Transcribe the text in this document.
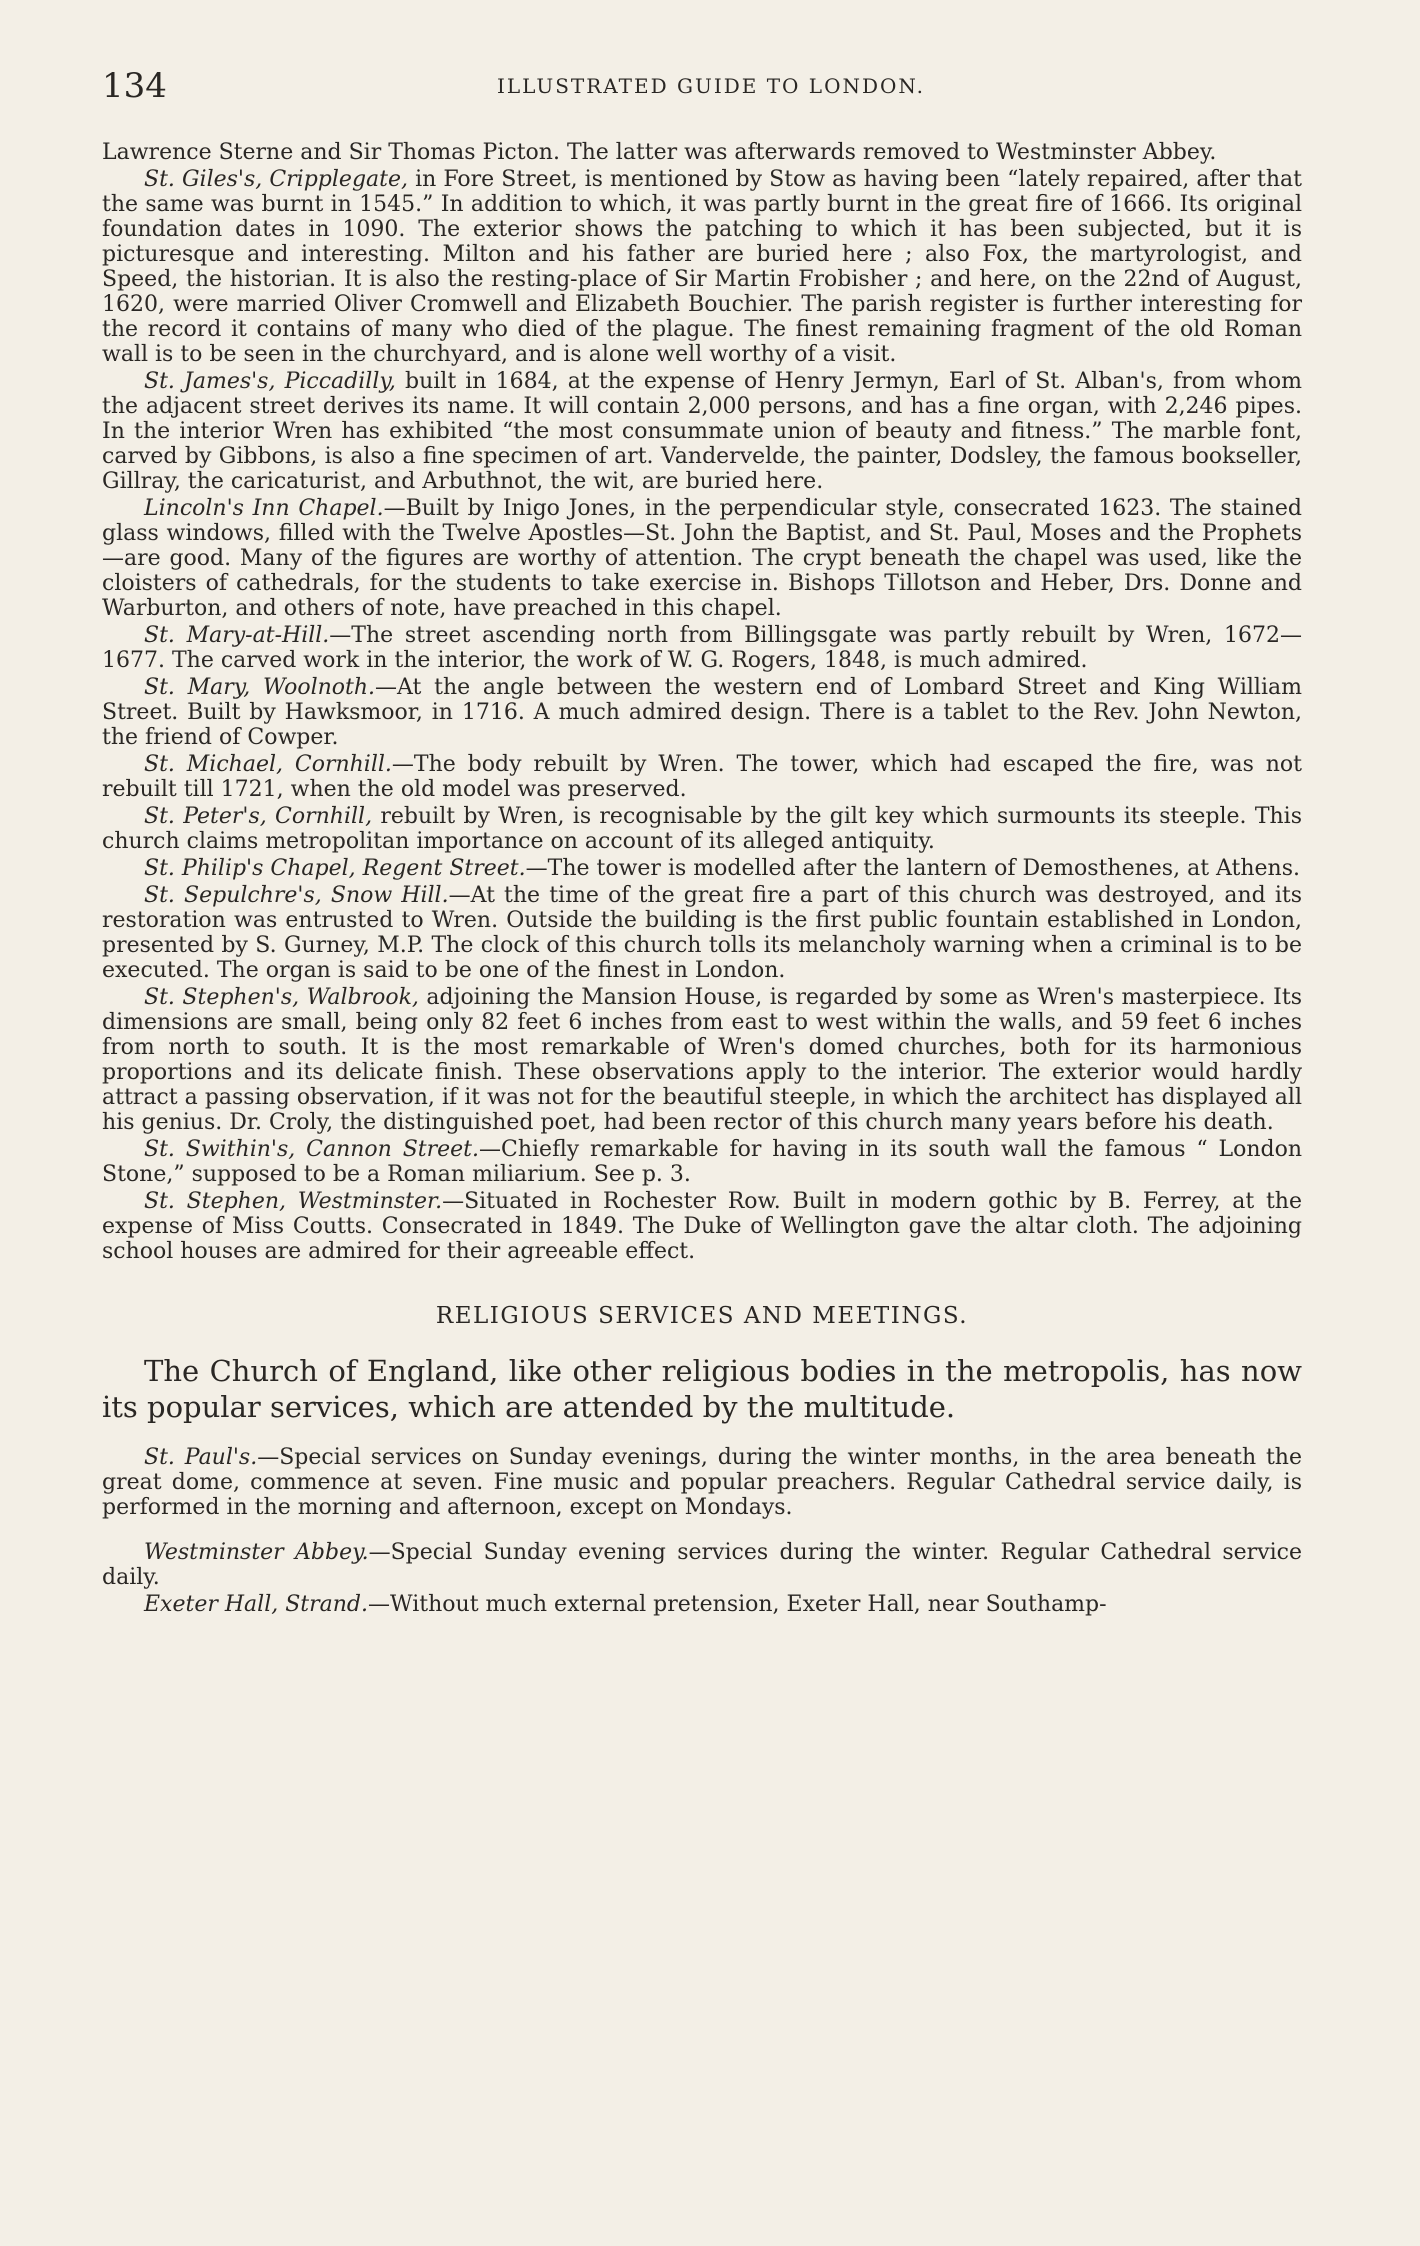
134	ILLUSTRATED GUIDE TO LONDON.

Lawrence Sterne and Sir Thomas Picton. The latter was afterwards removed to Westminster Abbey.

St. Giles's, Cripplegate, in Fore Street, is mentioned by Stow as having been “lately repaired, after that the same was burnt in 1545.” In addition to which, it was partly burnt in the great fire of 1666. Its original foundation dates in 1090. The exterior shows the patching to which it has been subjected, but it is picturesque and interesting. Milton and his father are buried here ; also Fox, the martyrologist, and Speed, the historian. It is also the resting-place of Sir Martin Frobisher ; and here, on the 22nd of August, 1620, were married Oliver Cromwell and Elizabeth Bouchier. The parish register is further interesting for the record it contains of many who died of the plague. The finest remaining fragment of the old Roman wall is to be seen in the churchyard, and is alone well worthy of a visit.

St. James's, Piccadilly, built in 1684, at the expense of Henry Jermyn, Earl of St. Alban's, from whom the adjacent street derives its name. It will contain 2,000 persons, and has a fine organ, with 2,246 pipes. In the interior Wren has exhibited “the most consummate union of beauty and fitness.” The marble font, carved by Gibbons, is also a fine specimen of art. Vandervelde, the painter, Dodsley, the famous bookseller, Gillray, the caricaturist, and Arbuthnot, the wit, are buried here.

Lincoln's Inn Chapel.—Built by Inigo Jones, in the perpendicular style, consecrated 1623. The stained glass windows, filled with the Twelve Apostles—St. John the Baptist, and St. Paul, Moses and the Prophets—are good. Many of the figures are worthy of attention. The crypt beneath the chapel was used, like the cloisters of cathedrals, for the students to take exercise in. Bishops Tillotson and Heber, Drs. Donne and Warburton, and others of note, have preached in this chapel.

St. Mary-at-Hill.—The street ascending north from Billingsgate was partly rebuilt by Wren, 1672—1677. The carved work in the interior, the work of W. G. Rogers, 1848, is much admired.

St. Mary, Woolnoth.—At the angle between the western end of Lombard Street and King William Street. Built by Hawksmoor, in 1716. A much admired design. There is a tablet to the Rev. John Newton, the friend of Cowper.

St. Michael, Cornhill.—The body rebuilt by Wren. The tower, which had escaped the fire, was not rebuilt till 1721, when the old model was preserved.

St. Peter's, Cornhill, rebuilt by Wren, is recognisable by the gilt key which surmounts its steeple. This church claims metropolitan importance on account of its alleged antiquity.

St. Philip's Chapel, Regent Street.—The tower is modelled after the lantern of Demosthenes, at Athens.

St. Sepulchre's, Snow Hill.—At the time of the great fire a part of this church was destroyed, and its restoration was entrusted to Wren. Outside the building is the first public fountain established in London, presented by S. Gurney, M.P. The clock of this church tolls its melancholy warning when a criminal is to be executed. The organ is said to be one of the finest in London.

St. Stephen's, Walbrook, adjoining the Mansion House, is regarded by some as Wren's masterpiece. Its dimensions are small, being only 82 feet 6 inches from east to west within the walls, and 59 feet 6 inches from north to south. It is the most remarkable of Wren's domed churches, both for its harmonious proportions and its delicate finish. These observations apply to the interior. The exterior would hardly attract a passing observation, if it was not for the beautiful steeple, in which the architect has displayed all his genius. Dr. Croly, the distinguished poet, had been rector of this church many years before his death.

St. Swithin's, Cannon Street.—Chiefly remarkable for having in its south wall the famous “ London Stone,” supposed to be a Roman miliarium. See p. 3.

St. Stephen, Westminster.—Situated in Rochester Row. Built in modern gothic by B. Ferrey, at the expense of Miss Coutts. Consecrated in 1849. The Duke of Wellington gave the altar cloth. The adjoining school houses are admired for their agreeable effect.

RELIGIOUS SERVICES AND MEETINGS.

The Church of England, like other religious bodies in the metropolis, has now its popular services, which are attended by the multitude.

St. Paul's.—Special services on Sunday evenings, during the winter months, in the area beneath the great dome, commence at seven. Fine music and popular preachers. Regular Cathedral service daily, is performed in the morning and afternoon, except on Mondays.

Westminster Abbey.—Special Sunday evening services during the winter. Regular Cathedral service daily.

Exeter Hall, Strand.—Without much external pretension, Exeter Hall, near Southamp-
